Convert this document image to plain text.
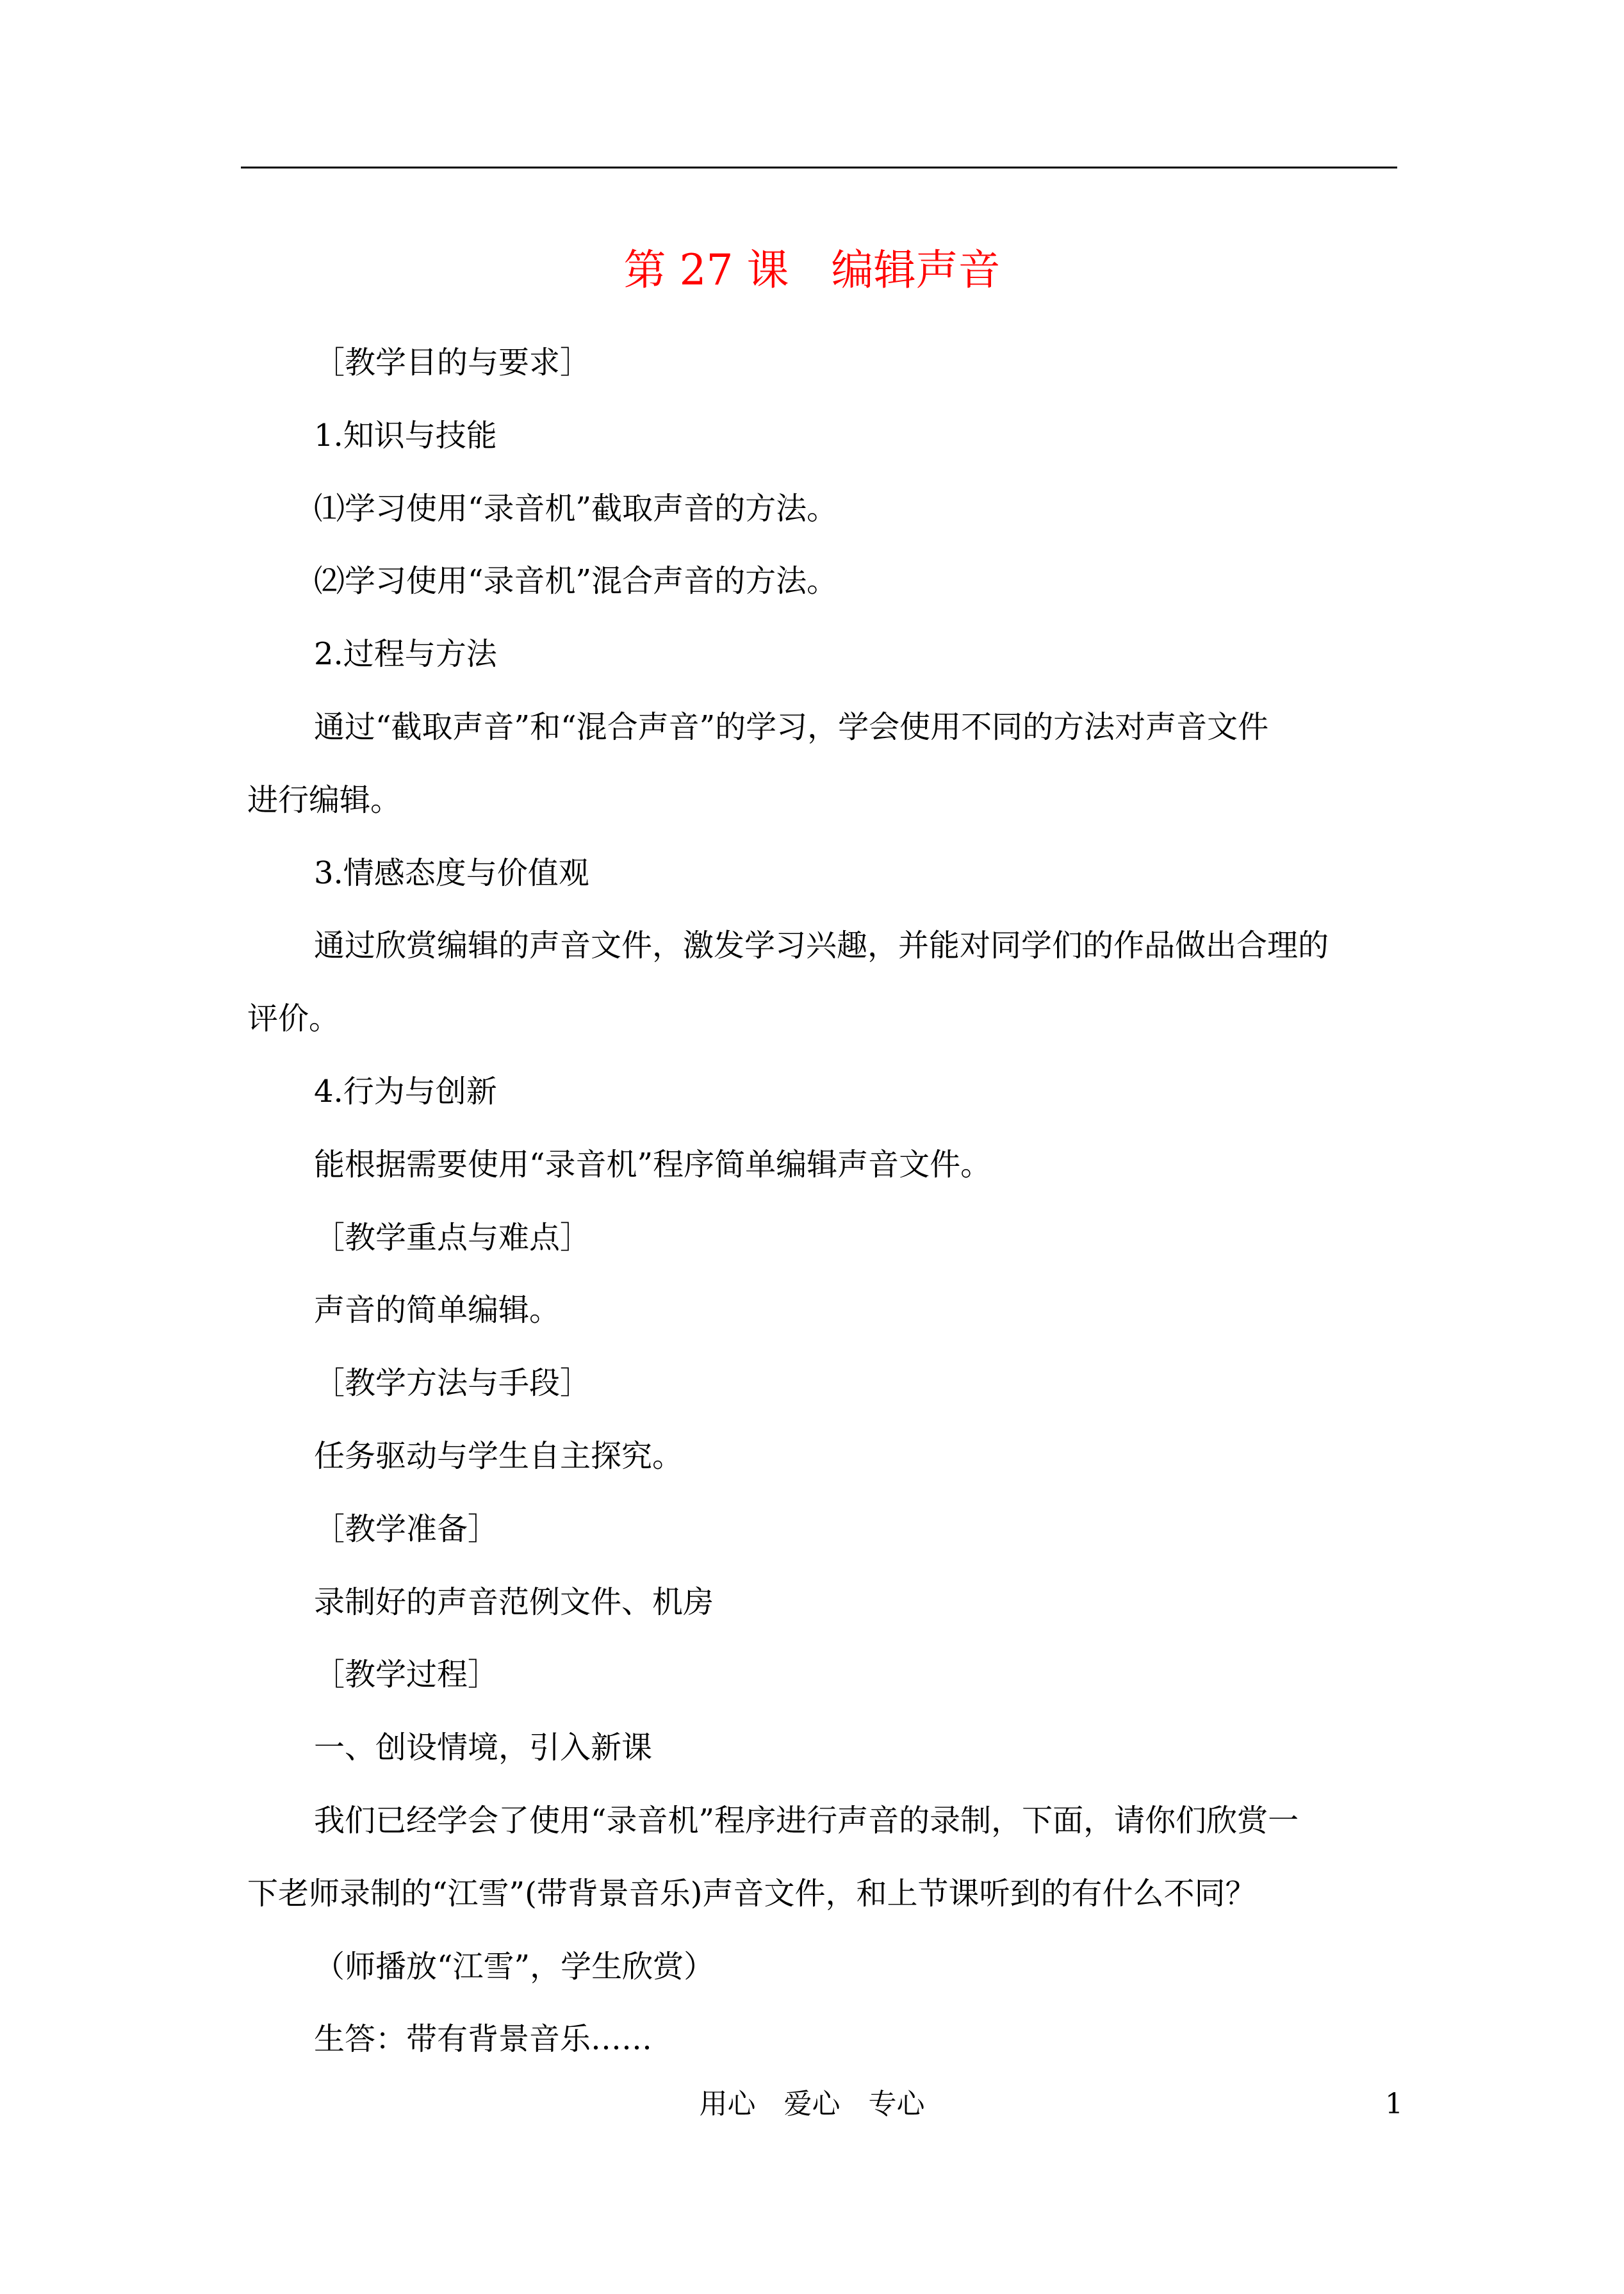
第 27 课　编辑声音
［教学目的与要求］
1.知识与技能
⑴学习使用“录音机”截取声音的方法。
⑵学习使用“录音机”混合声音的方法。
2.过程与方法
通过“截取声音”和“混合声音”的学习，学会使用不同的方法对声音文件
进行编辑。
3.情感态度与价值观
通过欣赏编辑的声音文件，激发学习兴趣，并能对同学们的作品做出合理的
评价。
4.行为与创新
能根据需要使用“录音机”程序简单编辑声音文件。
［教学重点与难点］
声音的简单编辑。
［教学方法与手段］
任务驱动与学生自主探究。
［教学准备］
录制好的声音范例文件、机房
［教学过程］
一、创设情境，引入新课
我们已经学会了使用“录音机”程序进行声音的录制，下面，请你们欣赏一
下老师录制的“江雪”(带背景音乐)声音文件，和上节课听到的有什么不同？
（师播放“江雪”，学生欣赏）
生答：带有背景音乐……
用心　爱心　专心	1
